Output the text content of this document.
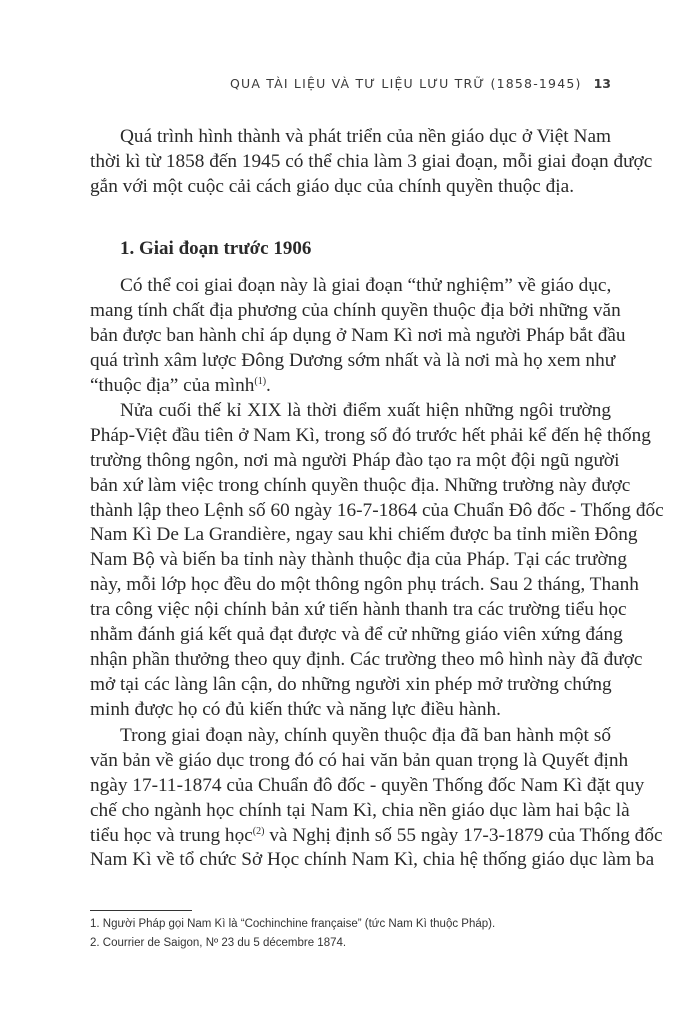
QUA TÀI LIỆU VÀ TƯ LIỆU LƯU TRỮ (1858-1945) 13
Quá trình hình thành và phát triển của nền giáo dục ở Việt Nam
thời kì từ 1858 đến 1945 có thể chia làm 3 giai đoạn, mỗi giai đoạn được
gắn với một cuộc cải cách giáo dục của chính quyền thuộc địa.
1. Giai đoạn trước 1906
Có thể coi giai đoạn này là giai đoạn “thử nghiệm” về giáo dục,
mang tính chất địa phương của chính quyền thuộc địa bởi những văn
bản được ban hành chỉ áp dụng ở Nam Kì nơi mà người Pháp bắt đầu
quá trình xâm lược Đông Dương sớm nhất và là nơi mà họ xem như
“thuộc địa” của mình$^{(1)}$.
Nửa cuối thế kỉ XIX là thời điểm xuất hiện những ngôi trường
Pháp-Việt đầu tiên ở Nam Kì, trong số đó trước hết phải kể đến hệ thống
trường thông ngôn, nơi mà người Pháp đào tạo ra một đội ngũ người
bản xứ làm việc trong chính quyền thuộc địa. Những trường này được
thành lập theo Lệnh số 60 ngày 16-7-1864 của Chuẩn Đô đốc - Thống đốc
Nam Kì De La Grandière, ngay sau khi chiếm được ba tỉnh miền Đông
Nam Bộ và biến ba tỉnh này thành thuộc địa của Pháp. Tại các trường
này, mỗi lớp học đều do một thông ngôn phụ trách. Sau 2 tháng, Thanh
tra công việc nội chính bản xứ tiến hành thanh tra các trường tiểu học
nhằm đánh giá kết quả đạt được và để cử những giáo viên xứng đáng
nhận phần thưởng theo quy định. Các trường theo mô hình này đã được
mở tại các làng lân cận, do những người xin phép mở trường chứng
minh được họ có đủ kiến thức và năng lực điều hành.
Trong giai đoạn này, chính quyền thuộc địa đã ban hành một số
văn bản về giáo dục trong đó có hai văn bản quan trọng là Quyết định
ngày 17-11-1874 của Chuẩn đô đốc - quyền Thống đốc Nam Kì đặt quy
chế cho ngành học chính tại Nam Kì, chia nền giáo dục làm hai bậc là
tiểu học và trung học$^{(2)}$ và Nghị định số 55 ngày 17-3-1879 của Thống đốc
Nam Kì về tổ chức Sở Học chính Nam Kì, chia hệ thống giáo dục làm ba
1. Người Pháp gọi Nam Kì là “Cochinchine française” (tức Nam Kì thuộc Pháp).
2. Courrier de Saigon, Nº 23 du 5 décembre 1874.
